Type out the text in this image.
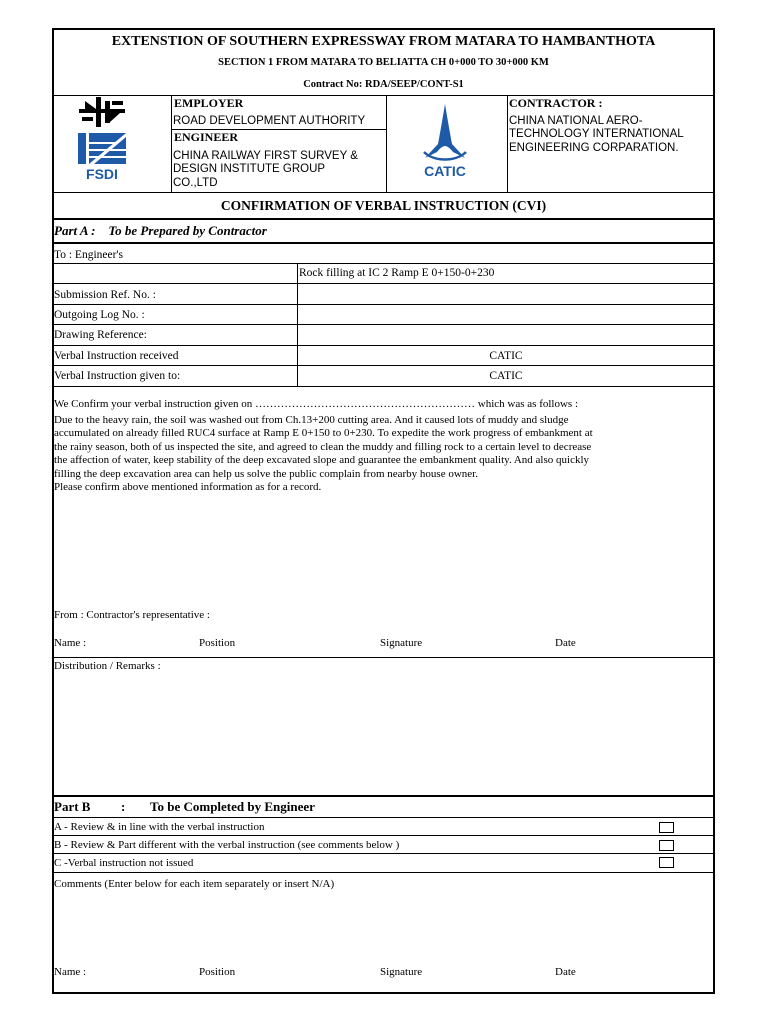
EXTENSTION OF SOUTHERN EXPRESSWAY FROM MATARA TO HAMBANTHOTA
SECTION 1 FROM MATARA TO BELIATTA CH 0+000 TO 30+000 KM
Contract No: RDA/SEEP/CONT-S1
FSDI
EMPLOYER
ROAD DEVELOPMENT AUTHORITY
ENGINEER
CHINA RAILWAY FIRST SURVEY &
DESIGN INSTITUTE GROUP
CO.,LTD
CATIC
CONTRACTOR :
CHINA NATIONAL AERO-
TECHNOLOGY INTERNATIONAL
ENGINEERING CORPARATION.
CONFIRMATION OF VERBAL INSTRUCTION (CVI)
Part A :    To be Prepared by Contractor
To : Engineer's
Rock filling at IC 2 Ramp E 0+150-0+230
Submission Ref. No. :
Outgoing Log No. :
Drawing Reference:
Verbal Instruction received	CATIC
Verbal Instruction given to:	CATIC
We Confirm your verbal instruction given on …………………………………………………… which was as follows :
Due to the heavy rain, the soil was washed out from Ch.13+200 cutting area. And it caused lots of muddy and sludge
accumulated on already filled RUC4 surface at Ramp E 0+150 to 0+230. To expedite the work progress of embankment at
the rainy season, both of us inspected the site, and agreed to clean the muddy and filling rock to a certain level to decrease
the affection of water, keep stability of the deep excavated slope and guarantee the embankment quality. And also quickly
filling the deep excavation area can help us solve the public complain from nearby house owner.
Please confirm above mentioned information as for a record.
From : Contractor's representative :
Name :	Position	Signature	Date
Distribution / Remarks :
Part B : To be Completed by Engineer
A - Review & in line with the verbal instruction
B - Review & Part different with the verbal instruction (see comments below )
C -Verbal instruction not issued
Comments (Enter below for each item separately or insert N/A)
Name :	Position	Signature	Date
